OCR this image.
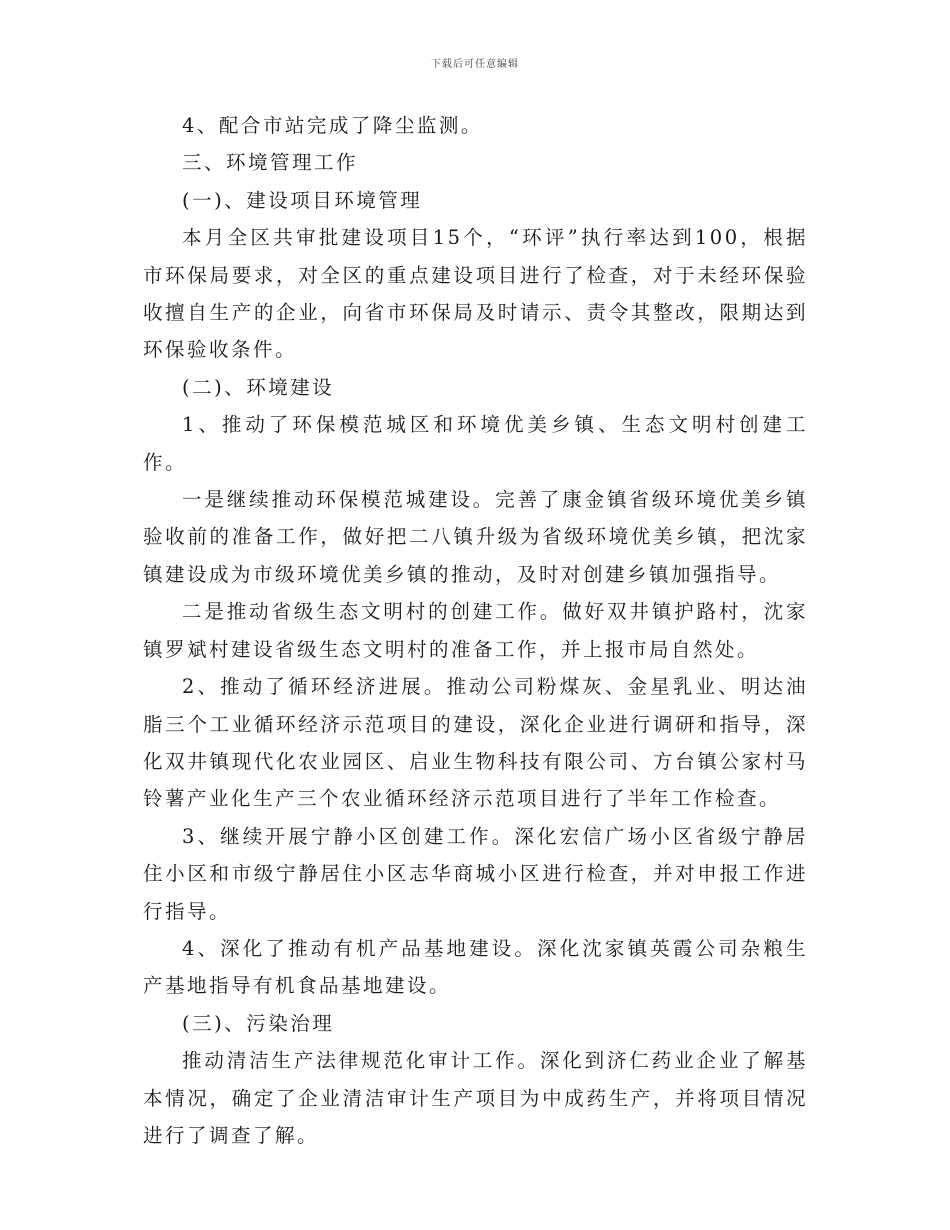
下载后可任意编辑

4、配合市站完成了降尘监测。

三、环境管理工作

(一)、建设项目环境管理

本月全区共审批建设项目15个，“环评”执行率达到100，根据市环保局要求，对全区的重点建设项目进行了检查，对于未经环保验收擅自生产的企业，向省市环保局及时请示、责令其整改，限期达到环保验收条件。

(二)、环境建设

1、推动了环保模范城区和环境优美乡镇、生态文明村创建工作。

一是继续推动环保模范城建设。完善了康金镇省级环境优美乡镇验收前的准备工作，做好把二八镇升级为省级环境优美乡镇，把沈家镇建设成为市级环境优美乡镇的推动，及时对创建乡镇加强指导。

二是推动省级生态文明村的创建工作。做好双井镇护路村，沈家镇罗斌村建设省级生态文明村的准备工作，并上报市局自然处。

2、推动了循环经济进展。推动公司粉煤灰、金星乳业、明达油脂三个工业循环经济示范项目的建设，深化企业进行调研和指导，深化双井镇现代化农业园区、启业生物科技有限公司、方台镇公家村马铃薯产业化生产三个农业循环经济示范项目进行了半年工作检查。

3、继续开展宁静小区创建工作。深化宏信广场小区省级宁静居住小区和市级宁静居住小区志华商城小区进行检查，并对申报工作进行指导。

4、深化了推动有机产品基地建设。深化沈家镇英霞公司杂粮生产基地指导有机食品基地建设。

(三)、污染治理

推动清洁生产法律规范化审计工作。深化到济仁药业企业了解基本情况，确定了企业清洁审计生产项目为中成药生产，并将项目情况进行了调查了解。
